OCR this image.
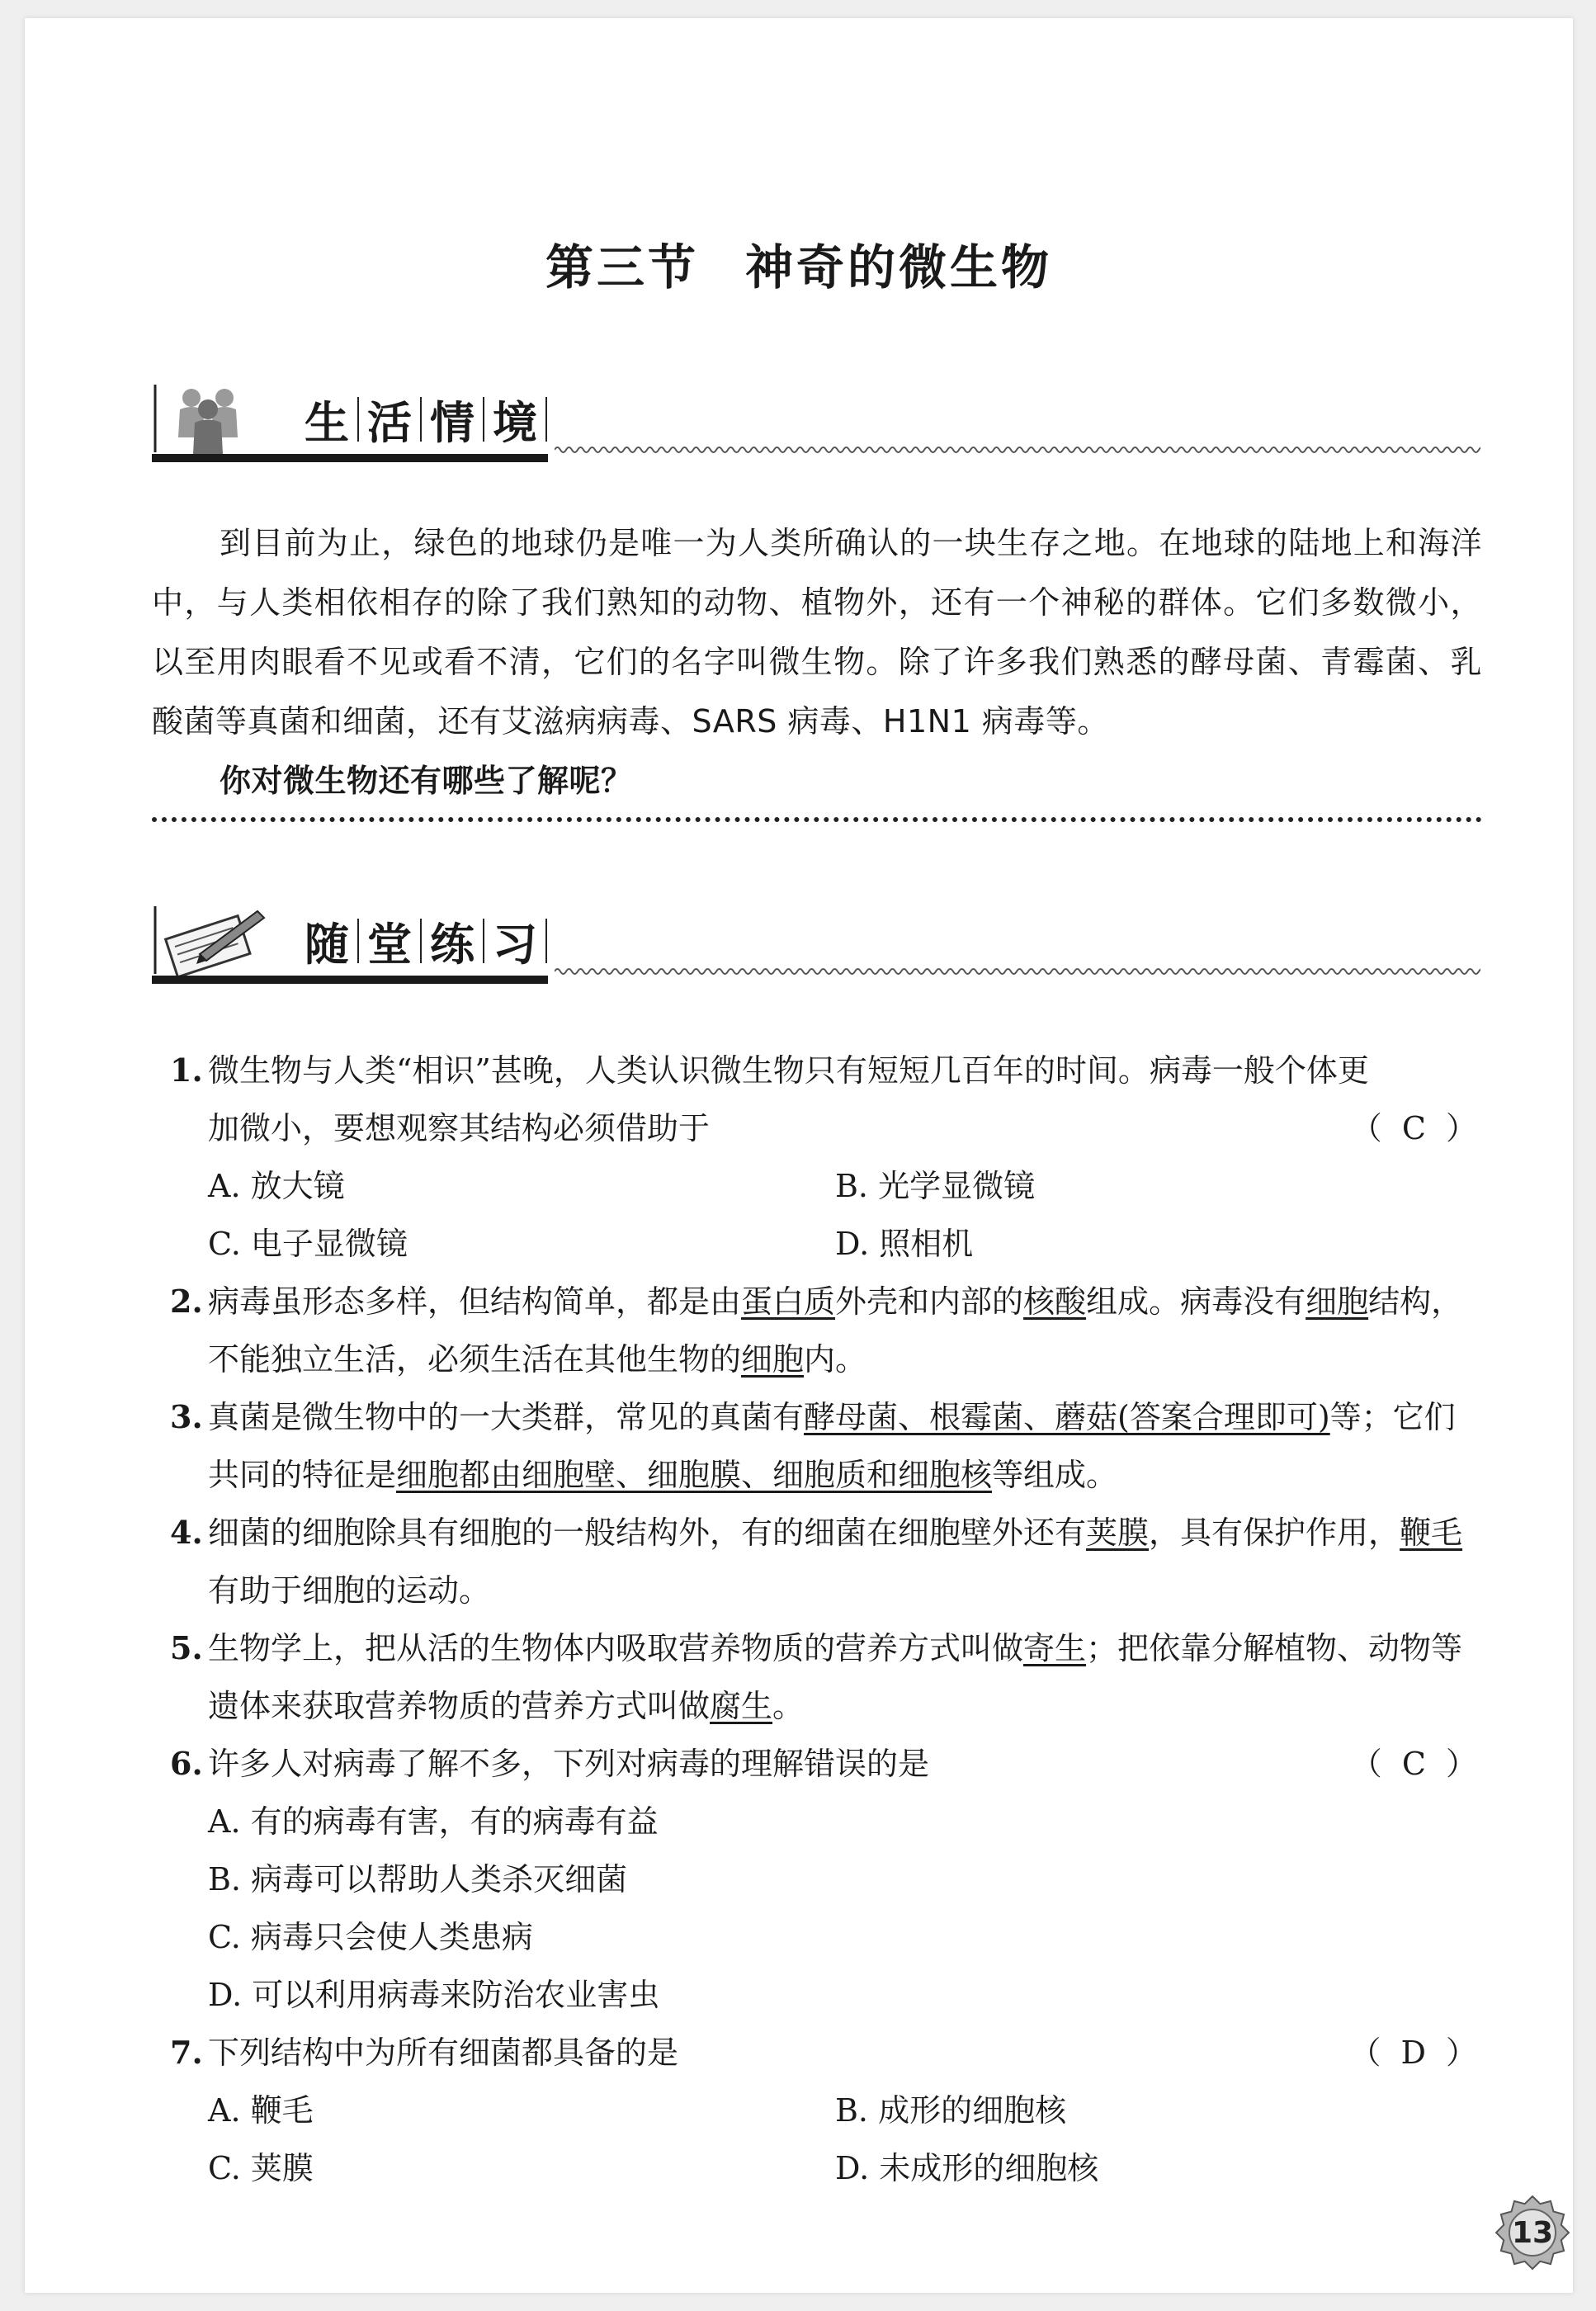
第三节 神奇的微生物
生 活 情 境

到目前为止，绿色的地球仍是唯一为人类所确认的一块生存之地。在地球的陆地上和海洋中，与人类相依相存的除了我们熟知的动物、植物外，还有一个神秘的群体。它们多数微小，以至用肉眼看不见或看不清，它们的名字叫微生物。除了许多我们熟悉的酵母菌、青霉菌、乳酸菌等真菌和细菌，还有艾滋病病毒、SARS 病毒、H1N1 病毒等。

你对微生物还有哪些了解呢？
随 堂 练 习
1. 微生物与人类“相识”甚晚，人类认识微生物只有短短几百年的时间。病毒一般个体更加微小，要想观察其结构必须借助于	（ C ）
A. 放大镜	B. 光学显微镜
C. 电子显微镜	D. 照相机
2. 病毒虽形态多样，但结构简单，都是由蛋白质外壳和内部的核酸组成。病毒没有细胞结构，不能独立生活，必须生活在其他生物的细胞内。

3. 真菌是微生物中的一大类群，常见的真菌有酵母菌、根霉菌、蘑菇(答案合理即可)等；它们共同的特征是细胞都由细胞壁、细胞膜、细胞质和细胞核等组成。

4. 细菌的细胞除具有细胞的一般结构外，有的细菌在细胞壁外还有荚膜，具有保护作用，鞭毛有助于细胞的运动。

5. 生物学上，把从活的生物体内吸取营养物质的营养方式叫做寄生；把依靠分解植物、动物等遗体来获取营养物质的营养方式叫做腐生。

6. 许多人对病毒了解不多，下列对病毒的理解错误的是	（ C ）
A. 有的病毒有害，有的病毒有益
B. 病毒可以帮助人类杀灭细菌
C. 病毒只会使人类患病
D. 可以利用病毒来防治农业害虫
7. 下列结构中为所有细菌都具备的是	（ D ）
A. 鞭毛	B. 成形的细胞核
C. 荚膜	D. 未成形的细胞核
13
